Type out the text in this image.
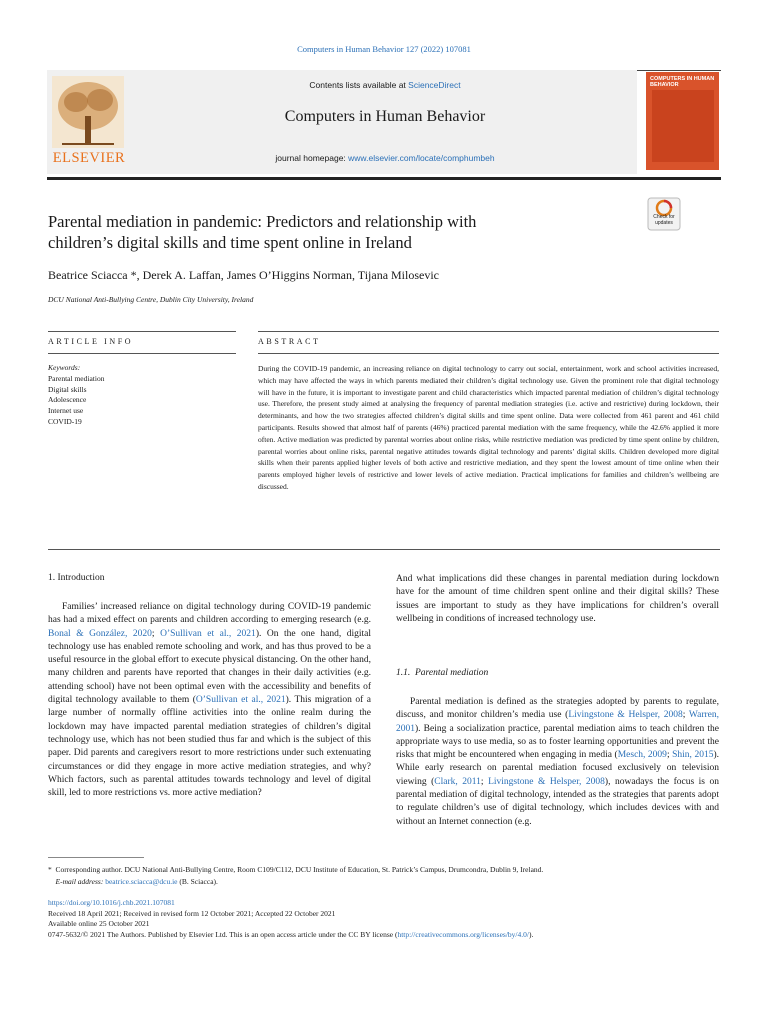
Computers in Human Behavior 127 (2022) 107081
ELSEVIER
Contents lists available at ScienceDirect
Computers in Human Behavior
journal homepage: www.elsevier.com/locate/comphumbeh
COMPUTERS IN HUMAN BEHAVIOR
Parental mediation in pandemic: Predictors and relationship with
children’s digital skills and time spent online in Ireland
Check for updates
Beatrice Sciacca *, Derek A. Laffan, James O’Higgins Norman, Tijana Milosevic
DCU National Anti-Bullying Centre, Dublin City University, Ireland
ARTICLE INFO	ABSTRACT
Keywords:
Parental mediation
Digital skills
Adolescence
Internet use
COVID-19
During the COVID-19 pandemic, an increasing reliance on digital technology to carry out social, entertainment, work and school activities increased, which may have affected the ways in which parents mediated their children’s digital technology use. Given the prominent role that digital technology will have in the future, it is important to investigate parent and child characteristics which impacted parental mediation of children’s digital technology use. Therefore, the present study aimed at analysing the frequency of parental mediation strategies (i.e. active and restrictive) during lockdown, their determinants, and how the two strategies affected children’s digital skills and time spent online. Data were collected from 461 parent and 461 child participants. Results showed that almost half of parents (46%) practiced parental mediation with the same frequency, while the 42.6% applied it more often. Active mediation was predicted by parental worries about online risks, while restrictive mediation was predicted by time spent online by children, parental worries about online risks, parental negative attitudes towards digital technology and parents’ digital skills. Children developed more digital skills when their parents applied higher levels of both active and restrictive mediation, and they spent the lowest amount of time online when their parents employed higher levels of restrictive and lower levels of active mediation. Practical implications for families and children’s wellbeing are discussed.
1. Introduction
Families’ increased reliance on digital technology during COVID-19 pandemic has had a mixed effect on parents and children according to emerging research (e.g. Bonal & González, 2020; O’Sullivan et al., 2021). On the one hand, digital technology use has enabled remote schooling and work, and has thus proved to be a useful resource in the global effort to execute physical distancing. On the other hand, many children and parents have reported that changes in their daily activities (e.g. attending school) have not been optimal even with the accessibility and benefits of digital technology available to them (O’Sullivan et al., 2021). This migration of a large number of normally offline activities into the online realm during the lockdown may have impacted parental mediation strategies of children’s digital technology use, which has not been studied thus far and which is the subject of this paper. Did parents and caregivers resort to more restrictions under such extenuating circumstances or did they engage in more active mediation strategies, and why? Which factors, such as parental attitudes towards technology and level of digital skill, led to more restrictions vs. more active mediation?
And what implications did these changes in parental mediation during lockdown have for the amount of time children spent online and their digital skills? These issues are important to study as they have implications for children’s overall wellbeing in conditions of increased technology use.
1.1. Parental mediation
Parental mediation is defined as the strategies adopted by parents to regulate, discuss, and monitor children’s media use (Livingstone & Helsper, 2008; Warren, 2001). Being a socialization practice, parental mediation aims to teach children the appropriate ways to use media, so as to foster learning opportunities and prevent the risks that might be encountered when engaging in media (Mesch, 2009; Shin, 2015). While early research on parental mediation focused exclusively on television viewing (Clark, 2011; Livingstone & Helsper, 2008), nowadays the focus is on parental mediation of digital technology, intended as the strategies that parents adopt to regulate children’s use of digital technology, which includes devices with and without an Internet connection (e.g.
* Corresponding author. DCU National Anti-Bullying Centre, Room C109/C112, DCU Institute of Education, St. Patrick’s Campus, Drumcondra, Dublin 9, Ireland.
E-mail address: beatrice.sciacca@dcu.ie (B. Sciacca).
https://doi.org/10.1016/j.chb.2021.107081
Received 18 April 2021; Received in revised form 12 October 2021; Accepted 22 October 2021
Available online 25 October 2021
0747-5632/© 2021 The Authors. Published by Elsevier Ltd. This is an open access article under the CC BY license (http://creativecommons.org/licenses/by/4.0/).
